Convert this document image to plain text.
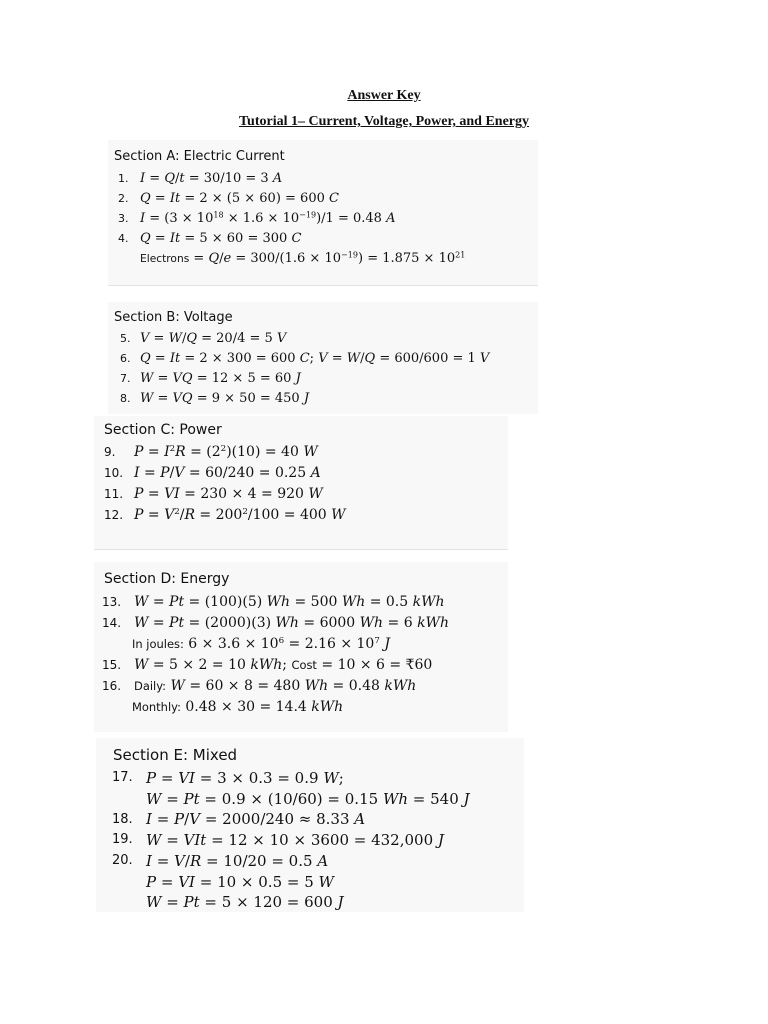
Answer Key
Tutorial 1– Current, Voltage, Power, and Energy
Section A: Electric Current
1. I = Q/t = 30/10 = 3 A
2. Q = It = 2 × (5 × 60) = 600 C
3. $I = (3 \times 10^{18} \times 1.6 \times 10^{-19})/1 = 0.48$ A
4. Q = It = 5 × 60 = 300 C
Electrons = $Q/e = 300/(1.6 \times 10^{-19}) = 1.875 \times 10^{21}$
Section B: Voltage
5. V = W/Q = 20/4 = 5 V
6. Q = It = 2 × 300 = 600 C; V = W/Q = 600/600 = 1 V
7. W = VQ = 12 × 5 = 60 J
8. W = VQ = 9 × 50 = 450 J
Section C: Power
9. $P = I^2R = (2^2)(10) = 40$ W
10. I = P/V = 60/240 = 0.25 A
11. P = VI = 230 × 4 = 920 W
12. $P = V^2/R = 200^2/100 = 400$ W
Section D: Energy
13. W = Pt = (100)(5) Wh = 500 Wh = 0.5 kWh
14. W = Pt = (2000)(3) Wh = 6000 Wh = 6 kWh
In joules: $6 \times 3.6 \times 10^6 = 2.16 \times 10^7$ J
15. W = 5 × 2 = 10 kWh; Cost = 10 × 6 = ₹60
16. Daily: W = 60 × 8 = 480 Wh = 0.48 kWh
Monthly: 0.48 × 30 = 14.4 kWh
Section E: Mixed
17. P = VI = 3 × 0.3 = 0.9 W;
W = Pt = 0.9 × (10/60) = 0.15 Wh = 540 J
18. I = P/V = 2000/240 ≈ 8.33 A
19. W = VIt = 12 × 10 × 3600 = 432,000 J
20. I = V/R = 10/20 = 0.5 A
P = VI = 10 × 0.5 = 5 W
W = Pt = 5 × 120 = 600 J
